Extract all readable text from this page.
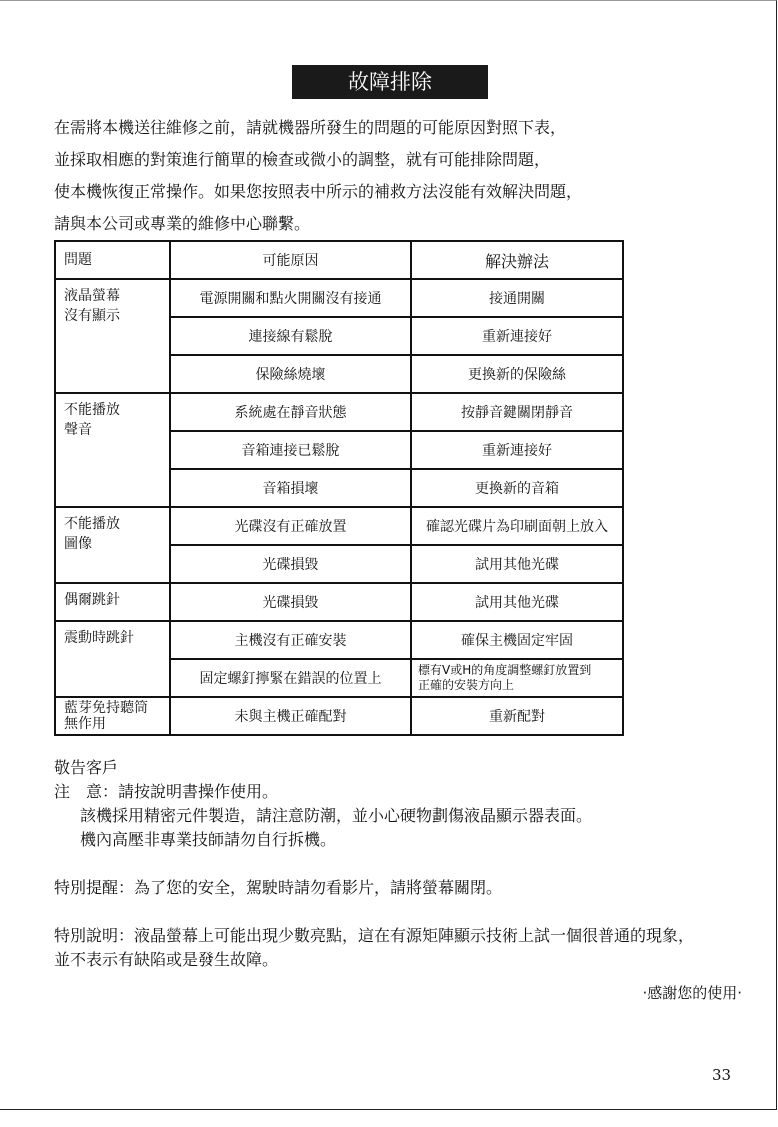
故障排除
在需將本機送往維修之前，請就機器所發生的問題的可能原因對照下表，
並採取相應的對策進行簡單的檢查或微小的調整，就有可能排除問題，
使本機恢復正常操作。如果您按照表中所示的補救方法沒能有效解決問題，
請與本公司或專業的維修中心聯繫。
問題	可能原因	解決辦法
液晶螢幕
沒有顯示	電源開關和點火開關沒有接通	接通開關
	連接線有鬆脫	重新連接好
	保險絲燒壞	更換新的保險絲
不能播放
聲音	系統處在靜音狀態	按靜音鍵關閉靜音
	音箱連接已鬆脫	重新連接好
	音箱損壞	更換新的音箱
不能播放
圖像	光碟沒有正確放置	確認光碟片為印刷面朝上放入
	光碟損毀	試用其他光碟
偶爾跳針	光碟損毀	試用其他光碟
震動時跳針	主機沒有正確安裝	確保主機固定牢固
	固定螺釘擰緊在錯誤的位置上	標有V或H的角度調整螺釘放置到
正確的安裝方向上
藍芽免持聽筒
無作用	未與主機正確配對	重新配對
敬告客戶
注　意：請按說明書操作使用。
該機採用精密元件製造，請注意防潮，並小心硬物劃傷液晶顯示器表面。
機內高壓非專業技師請勿自行拆機。
特別提醒：為了您的安全，駕駛時請勿看影片，請將螢幕關閉。
特別說明：液晶螢幕上可能出現少數亮點，這在有源矩陣顯示技術上試一個很普通的現象，
並不表示有缺陷或是發生故障。
·感謝您的使用·
33
